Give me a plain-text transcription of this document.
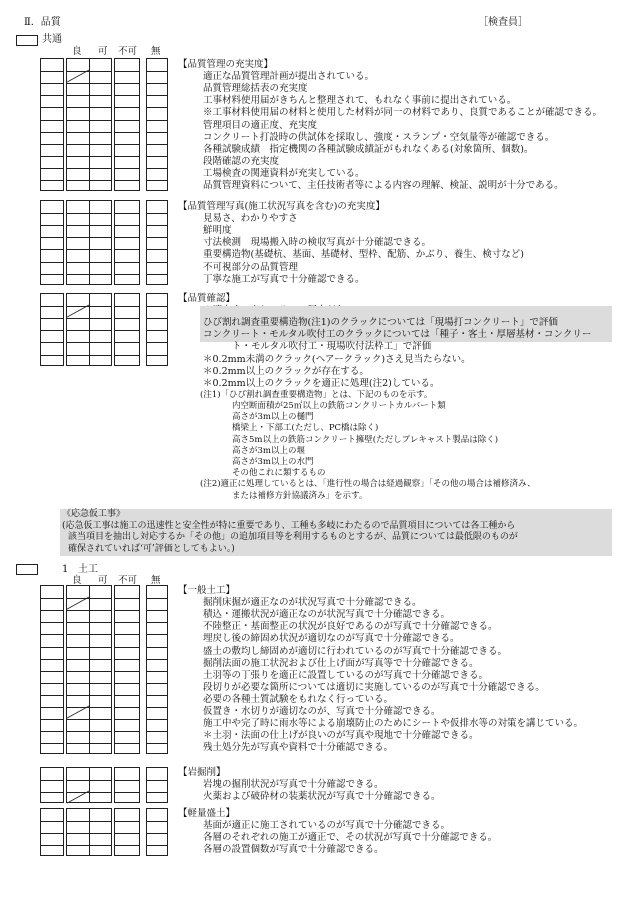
Ⅱ．品質	［検査員］
共通
良 可 不可 無
【品質管理の充実度】
適正な品質管理計画が提出されている。
品質管理総括表の充実度
工事材料使用届がきちんと整理されて、もれなく事前に提出されている。
※工事材料使用届の材料と使用した材料が同一の材料であり、良質であることが確認できる。
管理項目の適正度、充実度
コンクリート打設時の供試体を採取し、強度・スランプ・空気量等が確認できる。
各種試験成績　指定機関の各種試験成績証がもれなくある(対象箇所、個数)。
段階確認の充実度
工場検査の関連資料が充実している。
品質管理資料について、主任技術者等による内容の理解、検証、説明が十分である。
【品質管理写真(施工状況写真を含む)の充実度】
見易さ、わかりやすさ
鮮明度
寸法検測　現場搬入時の検収写真が十分確認できる。
重要構造物(基礎杭、基面、基礎材、型枠、配筋、かぶり、養生、検寸など)
不可視部分の品質管理
丁寧な施工が写真で十分確認できる。
【品質確認】
ひび割れ調査重要構造物(注1)のクラックについては「現場打コンクリート」で評価
コンクリート・モルタル吹付工のクラックについては「種子・客土・厚層基材・コンクリー
ト・モルタル吹付工・現場吹付法枠工」で評価
＊0.2mm未満のクラック(ヘアークラック)さえ見当たらない。
＊0.2mm以上のクラックが存在する。
＊0.2mm以上のクラックを適正に処理(注2)している。
(注1)「ひび割れ調査重要構造物」とは、下記のものを示す。
内空断面積が25㎡以上の鉄筋コンクリートカルバート類
高さが3m以上の樋門
橋梁上・下部工(ただし、PC橋は除く)
高さ5m以上の鉄筋コンクリート擁壁(ただしプレキャスト製品は除く)
高さが3m以上の堰
高さが3m以上の水門
その他これに類するもの
(注2)適正に処理しているとは、「進行性の場合は経過観察」「その他の場合は補修済み、
または補修方針協議済み」を示す。
《応急仮工事》
(応急仮工事は施工の迅速性と安全性が特に重要であり、工種も多岐にわたるので品質項目については各工種から
該当項目を抽出し対応するか「その他」の追加項目等を利用するものとするが、品質については最低限のものが
確保されていれば‘可’評価としてもよい。)
【一般土工】
掘削床掘が適正なのが状況写真で十分確認できる。
積込・運搬状況が適正なのが状況写真で十分確認できる。
不陸整正・基面整正の状況が良好であるのが写真で十分確認できる。
埋戻し後の締固め状況が適切なのが写真で十分確認できる。
盛土の敷均し締固めが適切に行われているのが写真で十分確認できる。
掘削法面の施工状況および仕上げ面が写真等で十分確認できる。
土羽等の丁張りを適正に設置しているのが写真で十分確認できる。
段切りが必要な箇所については適切に実施しているのが写真で十分確認できる。
必要の各種土質試験をもれなく行っている。
仮置き・水切りが適切なのが、写真で十分確認できる。
施工中や完了時に雨水等による崩壊防止のためにシートや仮排水等の対策を講じている。
＊土羽・法面の仕上げが良いのが写真や現地で十分確認できる。
残土処分先が写真や資料で十分確認できる。
【岩掘削】
岩塊の掘削状況が写真で十分確認できる。
火薬および破砕材の装薬状況が写真で十分確認できる。
【軽量盛土】
基面が適正に施工されているのが写真で十分確認できる。
各層のそれぞれの施工が適正で、その状況が写真で十分確認できる。
各層の設置個数が写真で十分確認できる。
1 土工
良 可 不可 無
